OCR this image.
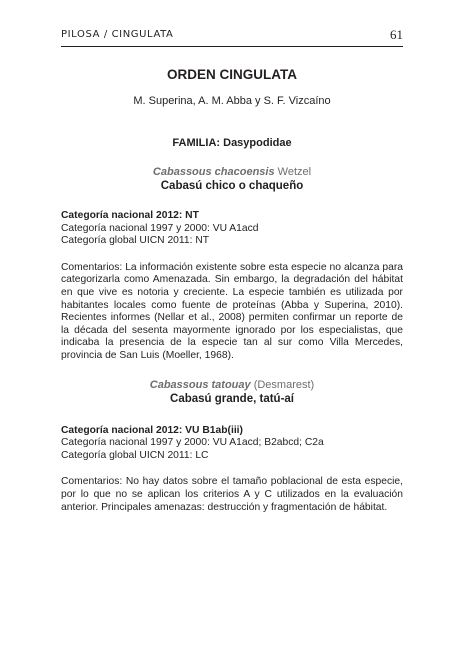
PILOSA / CINGULATA	61
ORDEN CINGULATA

M. Superina, A. M. Abba y S. F. Vizcaíno

FAMILIA: Dasypodidae

Cabassous chacoensis Wetzel
Cabasú chico o chaqueño
Categoría nacional 2012: NT
Categoría nacional 1997 y 2000: VU A1acd
Categoría global UICN 2011: NT
Comentarios: La información existente sobre esta especie no alcanza para categorizarla como Amenazada. Sin embargo, la degradación del hábitat en que vive es notoria y creciente. La especie también es utilizada por habitantes locales como fuente de proteínas (Abba y Superina, 2010). Recientes informes (Nellar et al., 2008) permiten confirmar un reporte de la década del sesenta mayormente ignorado por los especialistas, que indicaba la presencia de la especie tan al sur como Villa Mercedes, provincia de San Luis (Moeller, 1968).
Cabassous tatouay (Desmarest)
Cabasú grande, tatú-aí
Categoría nacional 2012: VU B1ab(iii)
Categoría nacional 1997 y 2000: VU A1acd; B2abcd; C2a
Categoría global UICN 2011: LC
Comentarios: No hay datos sobre el tamaño poblacional de esta especie, por lo que no se aplican los criterios A y C utilizados en la evaluación anterior. Principales amenazas: destrucción y fragmentación de hábitat.
